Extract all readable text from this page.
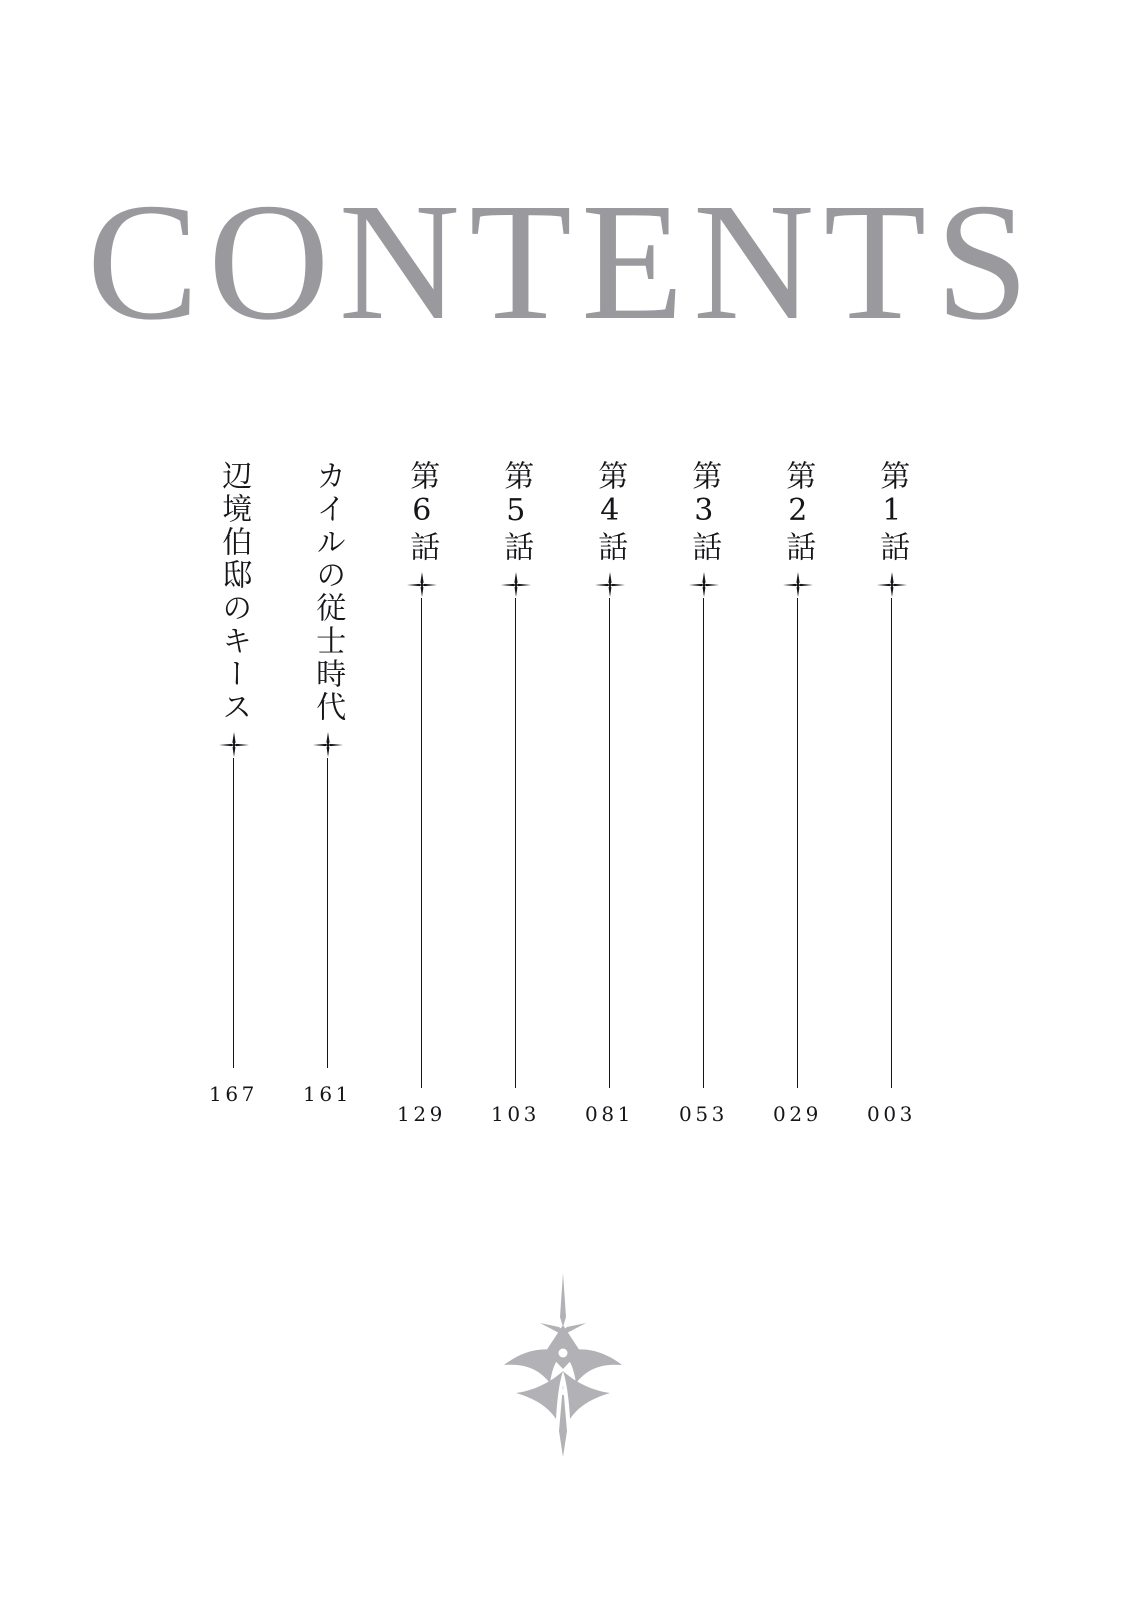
CONTENTS
辺境伯邸のキース
167
カイルの従士時代
161
第6話
129
第5話
103
第4話
081
第3話
053
第2話
029
第1話
003
